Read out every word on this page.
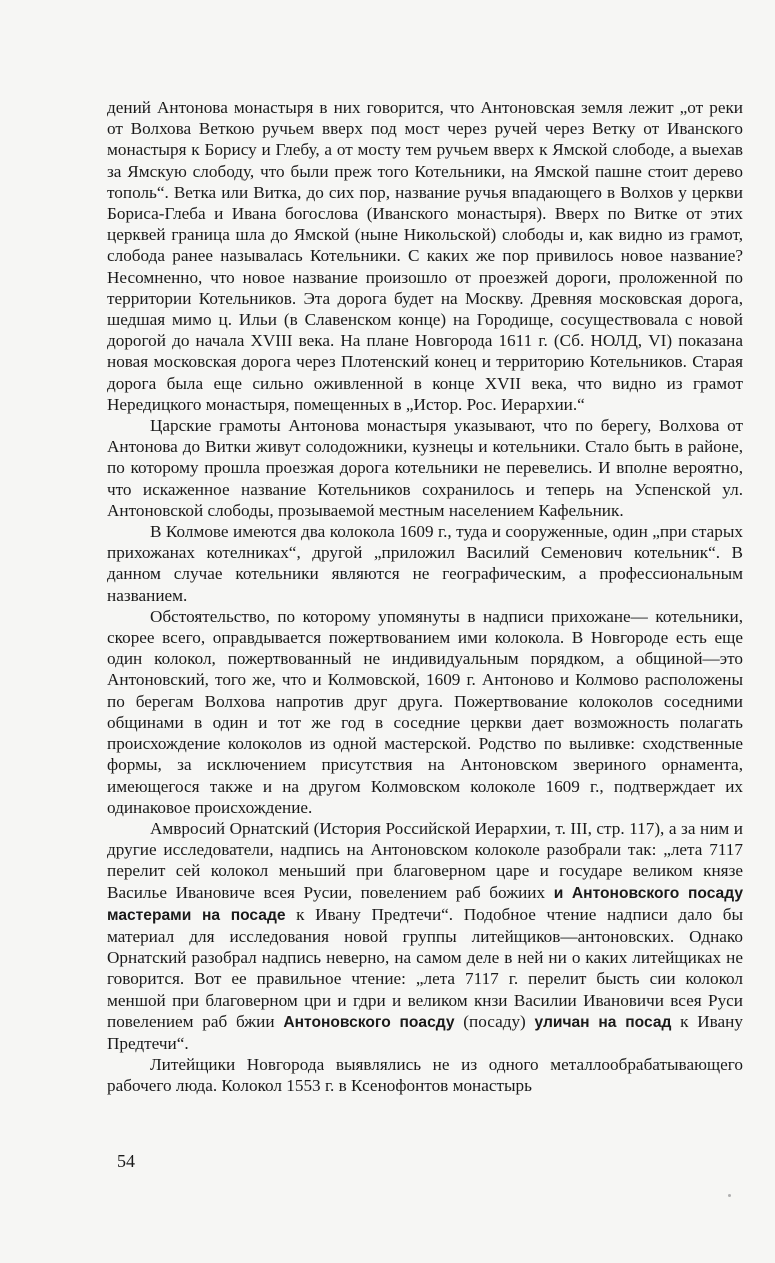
дений Антонова монастыря в них говорится, что Антоновская земля лежит „от реки от Волхова Веткою ручьем вверх под мост через ручей через Ветку от Иванского монастыря к Борису и Глебу, а от мосту тем ручьем вверх к Ямской слободе, а выехав за Ямскую слободу, что были преж того Котельники, на Ямской пашне стоит дерево тополь“. Ветка или Витка, до сих пор, название ручья впадающего в Волхов у церкви Бориса-Глеба и Ивана богослова (Иванского монастыря). Вверх по Витке от этих церквей граница шла до Ямской (ныне Никольской) слободы и, как видно из грамот, слобода ранее называлась Котельники. С каких же пор привилось новое название? Несомненно, что новое название произошло от проезжей дороги, проложенной по территории Котельников. Эта дорога будет на Москву. Древняя московская дорога, шедшая мимо ц. Ильи (в Славенском конце) на Городище, сосуществовала с новой дорогой до начала XVIII века. На плане Новгорода 1611 г. (Сб. НОЛД, VI) показана новая московская дорога через Плотенский конец и территорию Котельников. Старая дорога была еще сильно оживленной в конце XVII века, что видно из грамот Нередицкого монастыря, помещенных в „Истор. Рос. Иерархии.“

Царские грамоты Антонова монастыря указывают, что по берегу, Волхова от Антонова до Витки живут солодожники, кузнецы и котельники. Стало быть в районе, по которому прошла проезжая дорога котельники не перевелись. И вполне вероятно, что искаженное название Котельников сохранилось и теперь на Успенской ул. Антоновской слободы, прозываемой местным населением Кафельник.

В Колмове имеются два колокола 1609 г., туда и сооруженные, один „при старых прихожанах котелниках“, другой „приложил Василий Семенович котельник“. В данном случае котельники являются не географическим, а профессиональным названием.

Обстоятельство, по которому упомянуты в надписи прихожане— котельники, скорее всего, оправдывается пожертвованием ими колокола. В Новгороде есть еще один колокол, пожертвованный не индивидуальным порядком, а общиной—это Антоновский, того же, что и Колмовской, 1609 г. Антоново и Колмово расположены по берегам Волхова напротив друг друга. Пожертвование колоколов соседними общинами в один и тот же год в соседние церкви дает возможность полагать происхождение колоколов из одной мастерской. Родство по выливке: сходственные формы, за исключением присутствия на Антоновском звериного орнамента, имеющегося также и на другом Колмовском колоколе 1609 г., подтверждает их одинаковое происхождение.

Амвросий Орнатский (История Российской Иерархии, т. III, стр. 117), а за ним и другие исследователи, надпись на Антоновском колоколе разобрали так: „лета 7117 перелит сей колокол меньший при благоверном царе и государе великом князе Василье Ивановиче всея Русии, повелением раб божиих и Антоновского посаду мастерами на посаде к Ивану Предтечи“. Подобное чтение надписи дало бы материал для исследования новой группы литейщиков—антоновских. Однако Орнатский разобрал надпись неверно, на самом деле в ней ни о каких литейщиках не говорится. Вот ее правильное чтение: „лета 7117 г. перелит бысть сии колокол меншой при благоверном цри и гдри и великом кнзи Василии Ивановичи всея Руси повелением раб бжии Антоновского поасду (посаду) уличан на посад к Ивану Предтечи“.

Литейщики Новгорода выявлялись не из одного металлообрабатывающего рабочего люда. Колокол 1553 г. в Ксенофонтов монастырь

54
